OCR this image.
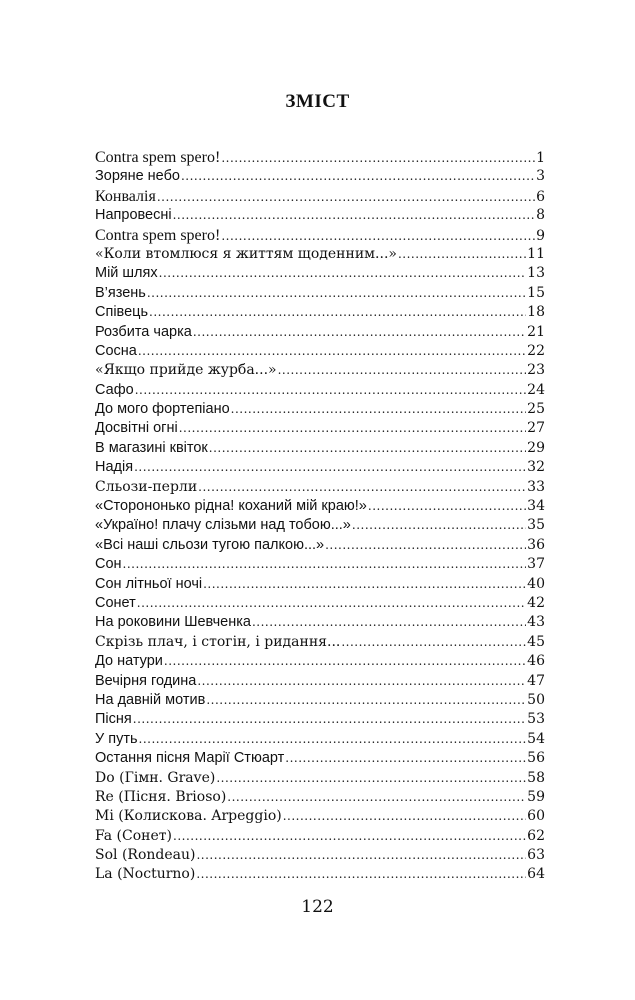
ЗМІСТ
Contra spem spero! .....	1
Зоряне небо .....	3
Конвалія .....	6
Напровесні .....	8
Contra spem spero! .....	9
«Коли втомлюся я життям щоденним...» .....	11
Мій шлях .....	13
В’язень .....	15
Співець .....	18
Розбита чарка .....	21
Сосна .....	22
«Якщо прийде журба...» .....	23
Сафо .....	24
До мого фортепіано .....	25
Досвітні огні .....	27
В магазині квіток .....	29
Надія .....	32
Сльози-перли .....	33
«Сторононько рідна! коханий мій краю!» .....	34
«Україно! плачу слізьми над тобою...» .....	35
«Всі наші сльози тугою палкою...» .....	36
Сон .....	37
Сон літньої ночі .....	40
Сонет .....	42
На роковини Шевченка .....	43
Скрізь плач, і стогін, і ридання... .....	45
До натури .....	46
Вечірня година .....	47
На давній мотив .....	50
Пісня .....	53
У путь .....	54
Остання пісня Марії Стюарт .....	56
Do (Гімн. Grave) .....	58
Re (Пісня. Brioso) .....	59
Mi (Колискова. Arpeggio) .....	60
Fa (Сонет) .....	62
Sol (Rondeau) .....	63
La (Nocturno) .....	64
122
